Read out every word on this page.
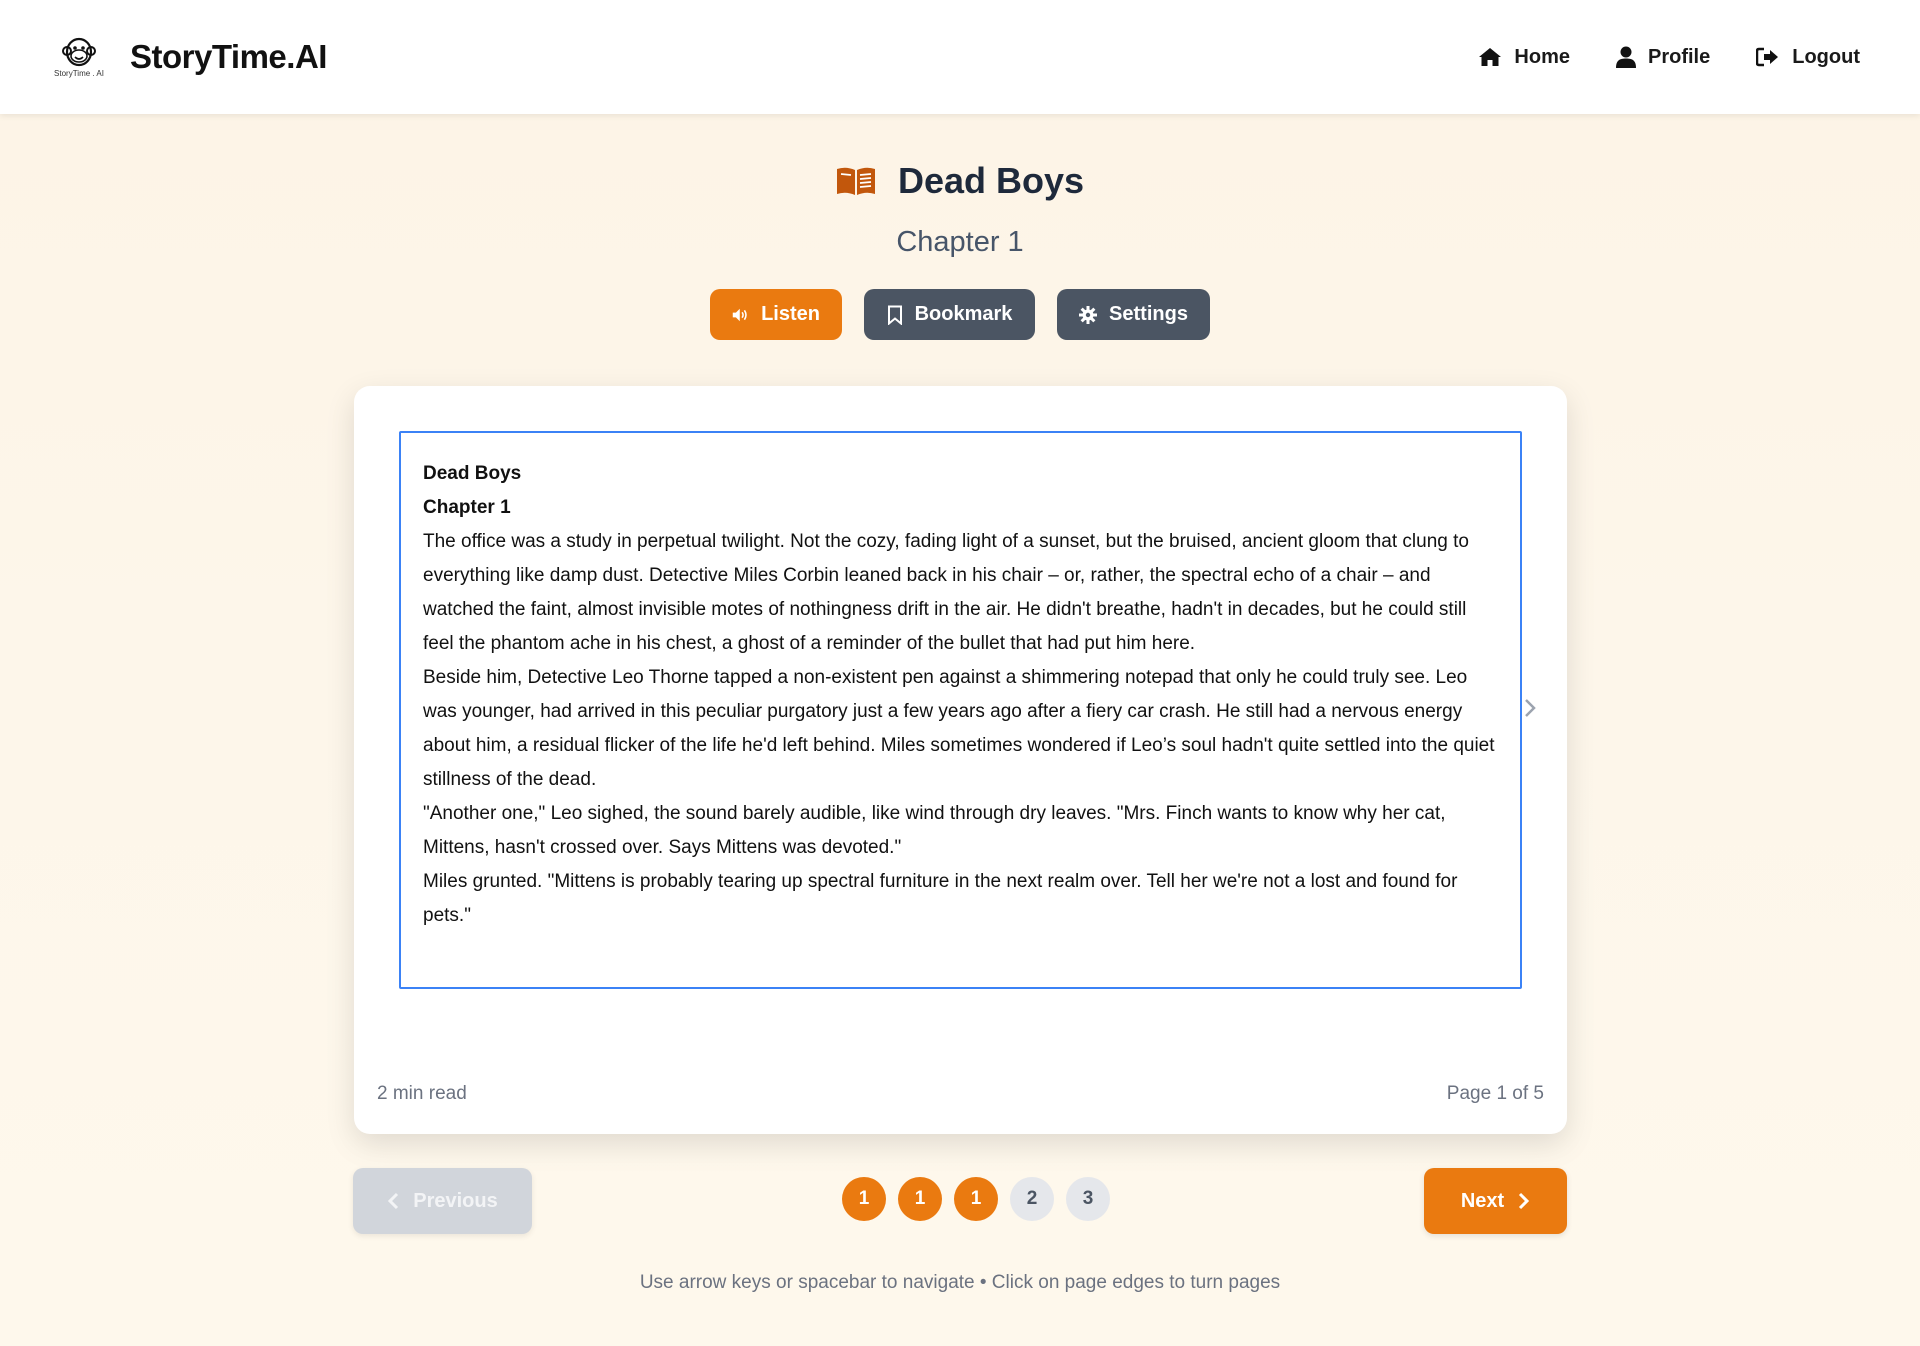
StoryTime . AI StoryTime.AI	Home	Profile	Logout
Dead Boys
Chapter 1
Listen	Bookmark	Settings

Dead Boys

Chapter 1

The office was a study in perpetual twilight. Not the cozy, fading light of a sunset, but the bruised, ancient gloom that clung to everything like damp dust. Detective Miles Corbin leaned back in his chair – or, rather, the spectral echo of a chair – and watched the faint, almost invisible motes of nothingness drift in the air. He didn't breathe, hadn't in decades, but he could still feel the phantom ache in his chest, a ghost of a reminder of the bullet that had put him here.

Beside him, Detective Leo Thorne tapped a non-existent pen against a shimmering notepad that only he could truly see. Leo was younger, had arrived in this peculiar purgatory just a few years ago after a fiery car crash. He still had a nervous energy about him, a residual flicker of the life he'd left behind. Miles sometimes wondered if Leo’s soul hadn't quite settled into the quiet stillness of the dead.

"Another one," Leo sighed, the sound barely audible, like wind through dry leaves. "Mrs. Finch wants to know why her cat, Mittens, hasn't crossed over. Says Mittens was devoted."

Miles grunted. "Mittens is probably tearing up spectral furniture in the next realm over. Tell her we're not a lost and found for pets."

2 min read	Page 1 of 5
Previous	1	1	1	2	3	Next
Use arrow keys or spacebar to navigate • Click on page edges to turn pages
